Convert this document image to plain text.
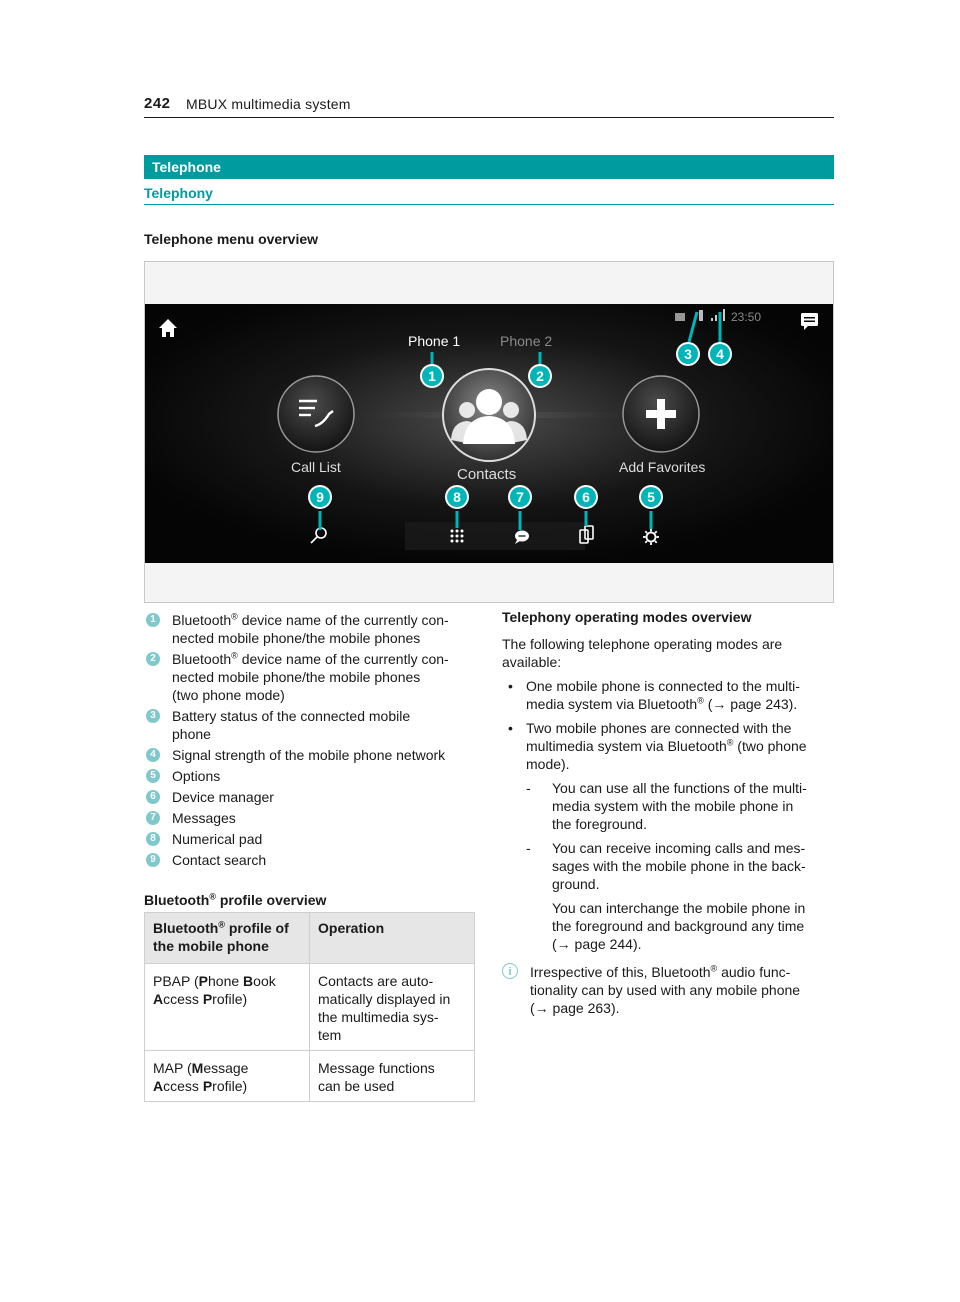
242 MBUX multimedia system
Telephone
Telephony
Telephone menu overview
23:50
Phone 1	Phone 2
Call List	Contacts	Add Favorites
1	2
3 4
5
6
7
8
9
1	Bluetooth® device name of the currently con-
nected mobile phone/the mobile phones
2	Bluetooth® device name of the currently con-
nected mobile phone/the mobile phones
(two phone mode)
3	Battery status of the connected mobile
phone
4	Signal strength of the mobile phone network
5	Options
6	Device manager
7	Messages
8	Numerical pad
9	Contact search
Bluetooth® profile overview
Bluetooth® profile of
the mobile phone	Operation
PBAP (Phone Book
Access Profile)	Contacts are auto-
matically displayed in
the multimedia sys-
tem
MAP (Message
Access Profile)	Message functions
can be used
Telephony operating modes overview

The following telephone operating modes are
available:

• One mobile phone is connected to the multi-
media system via Bluetooth® (→ page 243).
• Two mobile phones are connected with the
multimedia system via Bluetooth® (two phone
mode).
- You can use all the functions of the multi-
media system with the mobile phone in
the foreground.
- You can receive incoming calls and mes-
sages with the mobile phone in the back-
ground.
You can interchange the mobile phone in
the foreground and background any time
(→ page 244).
i	Irrespective of this, Bluetooth® audio func-
tionality can by used with any mobile phone
(→ page 263).
